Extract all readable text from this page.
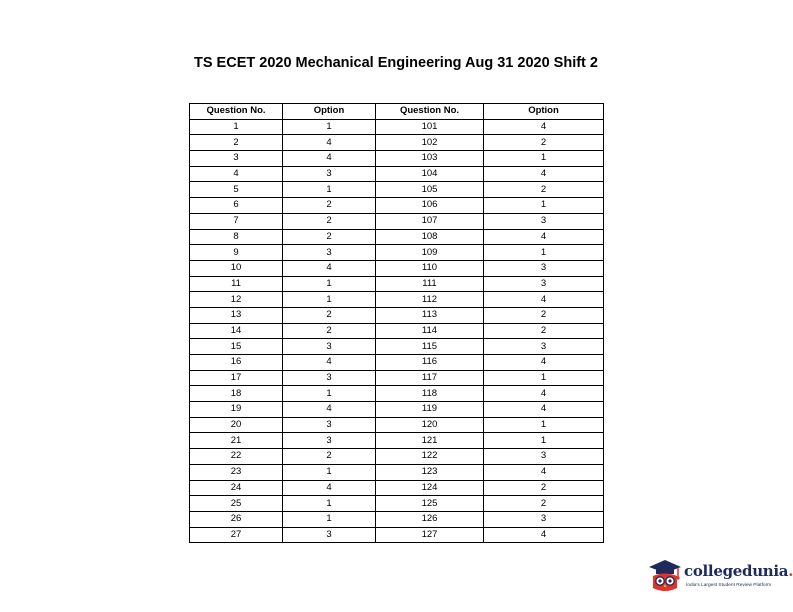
TS ECET 2020 Mechanical Engineering Aug 31 2020 Shift 2
Question No.	Option	Question No.	Option
1	1	101	4
2	4	102	2
3	4	103	1
4	3	104	4
5	1	105	2
6	2	106	1
7	2	107	3
8	2	108	4
9	3	109	1
10	4	110	3
11	1	111	3
12	1	112	4
13	2	113	2
14	2	114	2
15	3	115	3
16	4	116	4
17	3	117	1
18	1	118	4
19	4	119	4
20	3	120	1
21	3	121	1
22	2	122	3
23	1	123	4
24	4	124	2
25	1	125	2
26	1	126	3
27	3	127	4
collegedunia.
India's Largest Student Review Platform
